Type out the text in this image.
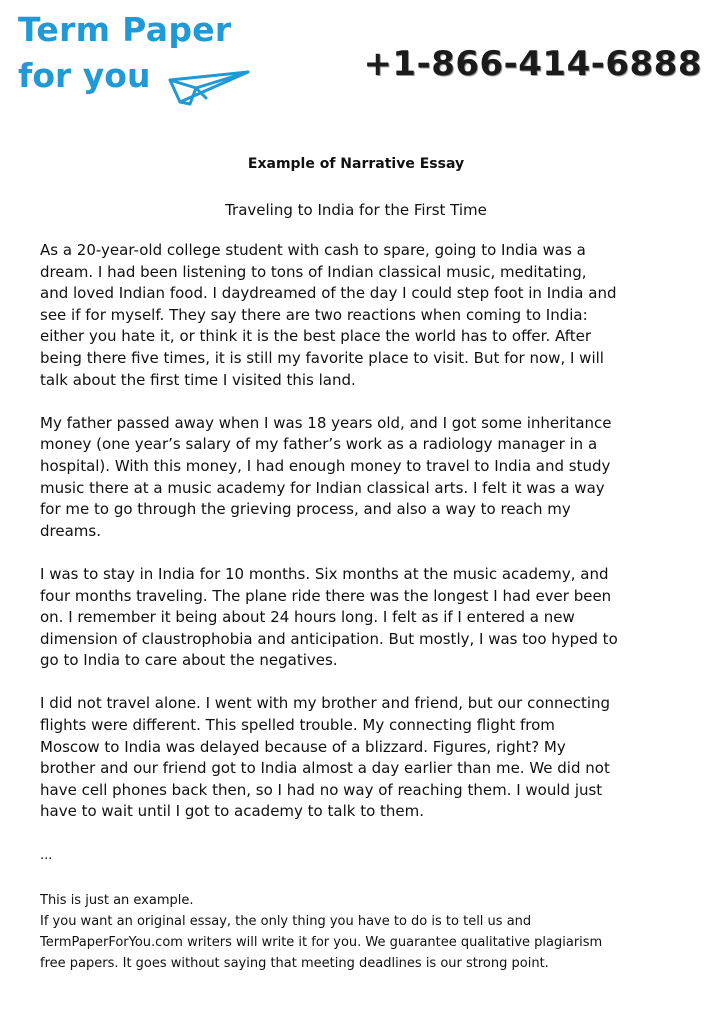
Term Paper
for you	+1-866-414-6888
Example of Narrative Essay
Traveling to India for the First Time

As a 20-year-old college student with cash to spare, going to India was a
dream. I had been listening to tons of Indian classical music, meditating,
and loved Indian food. I daydreamed of the day I could step foot in India and
see if for myself. They say there are two reactions when coming to India:
either you hate it, or think it is the best place the world has to offer. After
being there five times, it is still my favorite place to visit. But for now, I will
talk about the first time I visited this land.

My father passed away when I was 18 years old, and I got some inheritance
money (one year’s salary of my father’s work as a radiology manager in a
hospital). With this money, I had enough money to travel to India and study
music there at a music academy for Indian classical arts. I felt it was a way
for me to go through the grieving process, and also a way to reach my
dreams.

I was to stay in India for 10 months. Six months at the music academy, and
four months traveling. The plane ride there was the longest I had ever been
on. I remember it being about 24 hours long. I felt as if I entered a new
dimension of claustrophobia and anticipation. But mostly, I was too hyped to
go to India to care about the negatives.

I did not travel alone. I went with my brother and friend, but our connecting
flights were different. This spelled trouble. My connecting flight from
Moscow to India was delayed because of a blizzard. Figures, right? My
brother and our friend got to India almost a day earlier than me. We did not
have cell phones back then, so I had no way of reaching them. I would just
have to wait until I got to academy to talk to them.

...
This is just an example.
If you want an original essay, the only thing you have to do is to tell us and
TermPaperForYou.com writers will write it for you. We guarantee qualitative plagiarism
free papers. It goes without saying that meeting deadlines is our strong point.
